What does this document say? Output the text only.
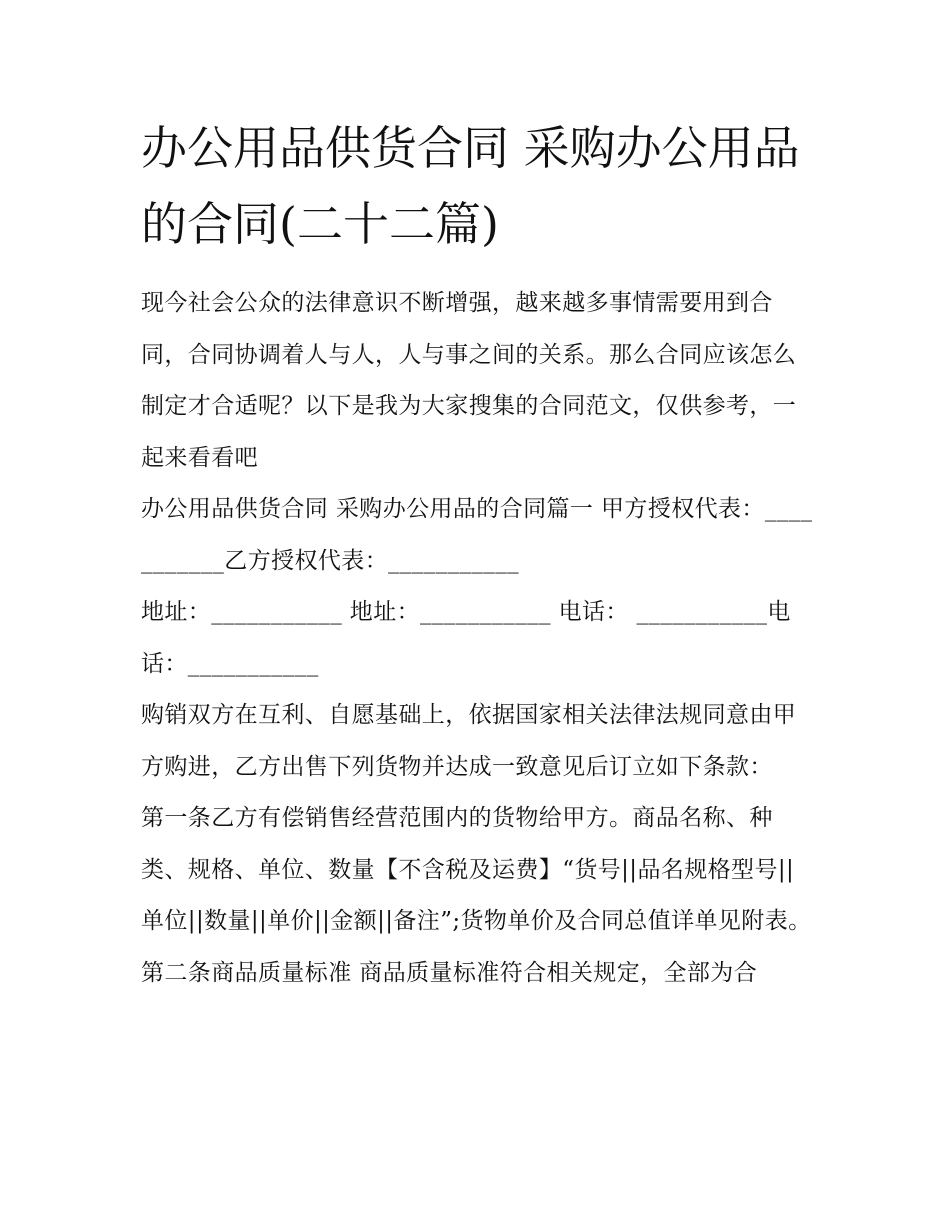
办公用品供货合同 采购办公用品的合同(二十二篇)

现今社会公众的法律意识不断增强，越来越多事情需要用到合同，合同协调着人与人，人与事之间的关系。那么合同应该怎么制定才合适呢？以下是我为大家搜集的合同范文，仅供参考，一起来看看吧

办公用品供货合同 采购办公用品的合同篇一 甲方授权代表：___________乙方授权代表：___________

地址：___________ 地址：___________ 电话： ___________电话：___________

购销双方在互利、自愿基础上，依据国家相关法律法规同意由甲方购进，乙方出售下列货物并达成一致意见后订立如下条款：

第一条乙方有偿销售经营范围内的货物给甲方。商品名称、种类、规格、单位、数量【不含税及运费】“货号||品名规格型号||单位||数量||单价||金额||备注”;货物单价及合同总值详单见附表。

第二条商品质量标准 商品质量标准符合相关规定，全部为合
